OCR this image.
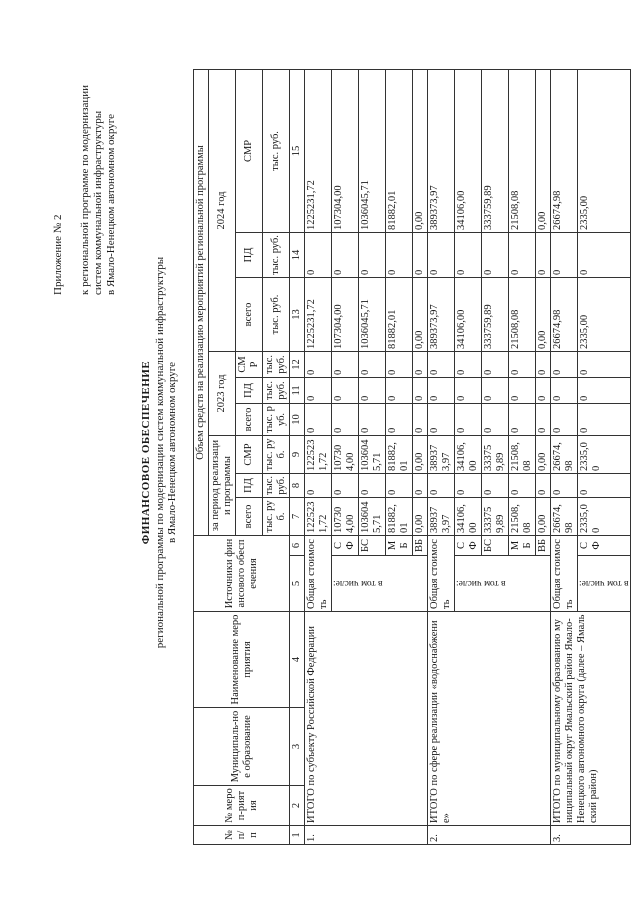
Приложение № 2 к региональной программе по модернизации систем коммунальной инфраструктуры в Ямало-Ненецком автономном округе
ФИНАНСОВОЕ ОБЕСПЕЧЕНИЕ региональной программы по модернизации систем коммунальной инфраструктуры в Ямало-Ненецком автономном округе
№ п/п	№ мероп-риятия	Муниципаль-ное образование	Наименование мероприятия	Источники финансового обеспечения		Объем средств на реализацию мероприятий региональной программы								
						за период реализации программы			2023 год			2024 год		
						всего	ПД	СМР	всего	ПД	СМР	всего	ПД	СМР
						тыс. руб.	тыс. руб.	тыс. руб.	тыс. руб.	тыс. руб.	тыс. руб.	тыс. руб.	тыс. руб.	тыс. руб.
1	2	3	4	5	6	7	8	9	10	11	12	13	14	15
1.	ИТОГО по субъекту Российской Федерации			Общая стоимость		1225231,72	0	1225231,72	0	0	0	1225231,72	0	1225231,72

				в том числе:	СФ	107304,00	0	107304,00	0	0	0	107304,00	0	107304,00
					БС	1036045,71	0	1036045,71	0	0	0	1036045,71	0	1036045,71
					МБ	81882,01	0	81882,01	0	0	0	81882,01	0	81882,01
					ВБ	0,00	0	0,00	0	0	0	0,00	0	0,00
2.	ИТОГО по сфере реализации «водоснабжение»			Общая стоимость		389373,97	0	389373,97	0	0	0	389373,97	0	389373,97

				в том числе:	СФ	34106,00	0	34106,00	0	0	0	34106,00	0	34106,00
					БС	333759,89	0	333759,89	0	0	0	333759,89	0	333759,89
					МБ	21508,08	0	21508,08	0	0	0	21508,08	0	21508,08
					ВБ	0,00	0	0,00	0	0	0	0,00	0	0,00
3.	ИТОГО по муниципальному образованию муниципальный округ Ямальский район Ямало-Ненецкого автономного округа (далее – Ямальский район)			Общая стоимость		26674,98	0	26674,98	0	0	0	26674,98	0	26674,98

				в том числе:	СФ	2335,00	0	2335,00	0	0	0	2335,00	0	2335,00
